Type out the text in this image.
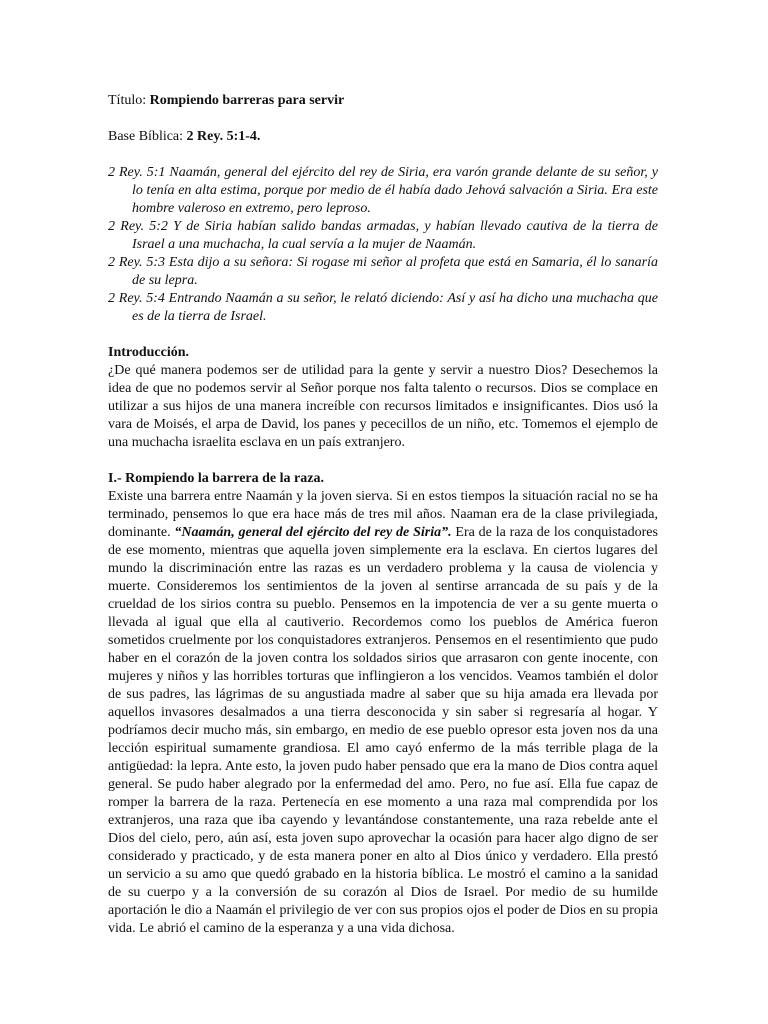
Título: Rompiendo barreras para servir

Base Bíblica: 2 Rey. 5:1-4.

2 Rey. 5:1 Naamán, general del ejército del rey de Siria, era varón grande delante de su señor, y lo tenía en alta estima, porque por medio de él había dado Jehová salvación a Siria. Era este hombre valeroso en extremo, pero leproso.

2 Rey. 5:2 Y de Siria habían salido bandas armadas, y habían llevado cautiva de la tierra de Israel a una muchacha, la cual servía a la mujer de Naamán.

2 Rey. 5:3 Esta dijo a su señora: Si rogase mi señor al profeta que está en Samaria, él lo sanaría de su lepra.

2 Rey. 5:4 Entrando Naamán a su señor, le relató diciendo: Así y así ha dicho una muchacha que es de la tierra de Israel.

Introducción.

¿De qué manera podemos ser de utilidad para la gente y servir a nuestro Dios? Desechemos la idea de que no podemos servir al Señor porque nos falta talento o recursos. Dios se complace en utilizar a sus hijos de una manera increíble con recursos limitados e insignificantes. Dios usó la vara de Moisés, el arpa de David, los panes y pececillos de un niño, etc. Tomemos el ejemplo de una muchacha israelita esclava en un país extranjero.

I.- Rompiendo la barrera de la raza.

Existe una barrera entre Naamán y la joven sierva. Si en estos tiempos la situación racial no se ha terminado, pensemos lo que era hace más de tres mil años. Naaman era de la clase privilegiada, dominante. “Naamán, general del ejército del rey de Siria”. Era de la raza de los conquistadores de ese momento, mientras que aquella joven simplemente era la esclava. En ciertos lugares del mundo la discriminación entre las razas es un verdadero problema y la causa de violencia y muerte. Consideremos los sentimientos de la joven al sentirse arrancada de su país y de la crueldad de los sirios contra su pueblo. Pensemos en la impotencia de ver a su gente muerta o llevada al igual que ella al cautiverio. Recordemos como los pueblos de América fueron sometidos cruelmente por los conquistadores extranjeros. Pensemos en el resentimiento que pudo haber en el corazón de la joven contra los soldados sirios que arrasaron con gente inocente, con mujeres y niños y las horribles torturas que inflingieron a los vencidos. Veamos también el dolor de sus padres, las lágrimas de su angustiada madre al saber que su hija amada era llevada por aquellos invasores desalmados a una tierra desconocida y sin saber si regresaría al hogar. Y podríamos decir mucho más, sin embargo, en medio de ese pueblo opresor esta joven nos da una lección espiritual sumamente grandiosa. El amo cayó enfermo de la más terrible plaga de la antigüedad: la lepra. Ante esto, la joven pudo haber pensado que era la mano de Dios contra aquel general. Se pudo haber alegrado por la enfermedad del amo. Pero, no fue así. Ella fue capaz de romper la barrera de la raza. Pertenecía en ese momento a una raza mal comprendida por los extranjeros, una raza que iba cayendo y levantándose constantemente, una raza rebelde ante el Dios del cielo, pero, aún así, esta joven supo aprovechar la ocasión para hacer algo digno de ser considerado y practicado, y de esta manera poner en alto al Dios único y verdadero. Ella prestó un servicio a su amo que quedó grabado en la historia bíblica. Le mostró el camino a la sanidad de su cuerpo y a la conversión de su corazón al Dios de Israel. Por medio de su humilde aportación le dio a Naamán el privilegio de ver con sus propios ojos el poder de Dios en su propia vida. Le abrió el camino de la esperanza y a una vida dichosa.
